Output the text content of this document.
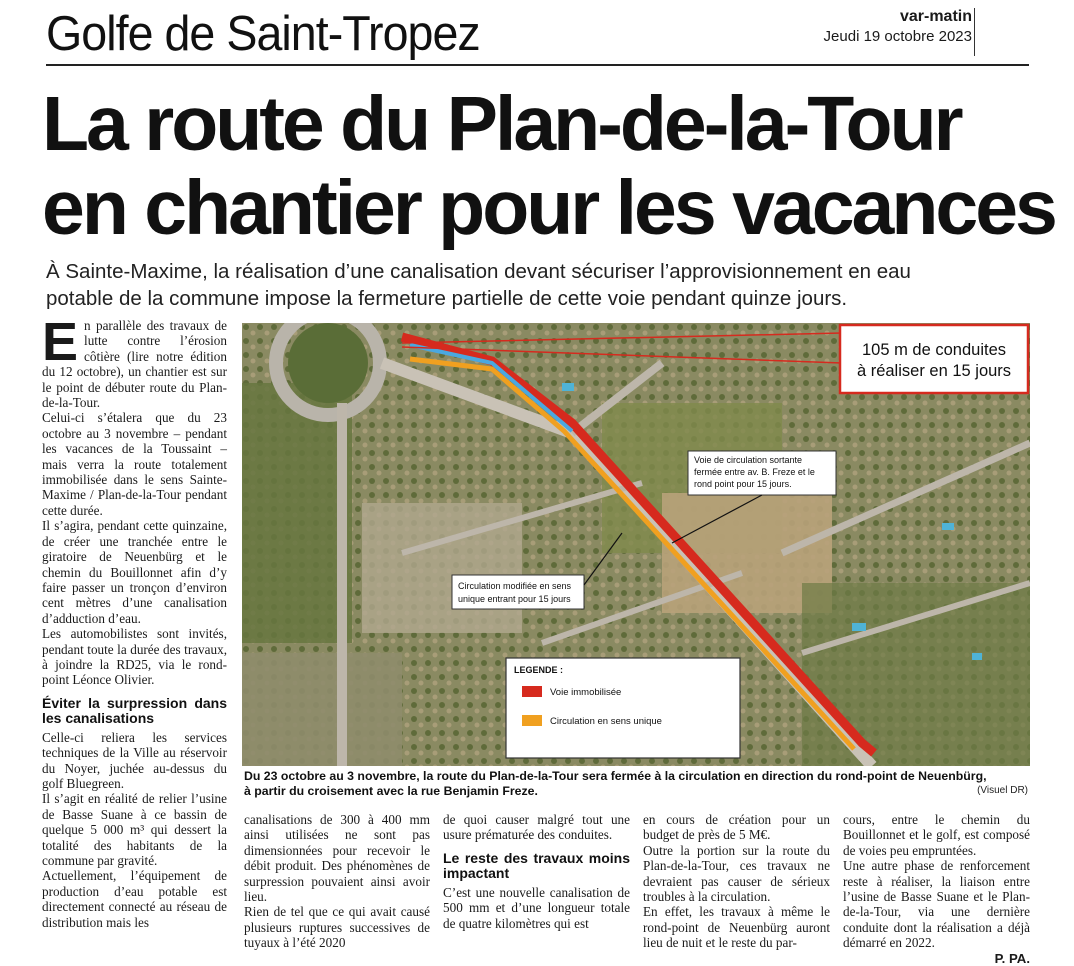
Golfe de Saint-Tropez	var-matin
Jeudi 19 octobre 2023
La route du Plan-de-la-Tour
en chantier pour les vacances
À Sainte-Maxime, la réalisation d’une canalisation devant sécuriser l’approvisionnement en eau
potable de la commune impose la fermeture partielle de cette voie pendant quinze jours.

En parallèle des travaux de lutte contre l’érosion côtière (lire notre édition du 12 octobre), un chantier est sur le point de débuter route du Plan-de-la-Tour.

Celui-ci s’étalera que du 23 octobre au 3 novembre – pendant les vacances de la Toussaint – mais verra la route totalement immobilisée dans le sens Sainte-Maxime / Plan-de-la-Tour pendant cette durée.

Il s’agira, pendant cette quinzaine, de créer une tranchée entre le giratoire de Neuenbürg et le chemin du Bouillonnet afin d’y faire passer un tronçon d’environ cent mètres d’une canalisation d’adduction d’eau.

Les automobilistes sont invités, pendant toute la durée des travaux, à joindre la RD25, via le rond-point Léonce Olivier.

Éviter la surpression dans les canalisations

Celle-ci reliera les services techniques de la Ville au réservoir du Noyer, juchée au-dessus du golf Bluegreen.

Il s’agit en réalité de relier l’usine de Basse Suane à ce bassin de quelque 5 000 m³ qui dessert la totalité des habitants de la commune par gravité.

Actuellement, l’équipement de production d’eau potable est directement connecté au réseau de distribution mais les

105 m de conduites
à réaliser en 15 jours
Voie de circulation sortante
fermée entre av. B. Freze et le
rond point pour 15 jours.
Circulation modifiée en sens
unique entrant pour 15 jours
LEGENDE :
Voie immobilisée
Circulation en sens unique
Du 23 octobre au 3 novembre, la route du Plan-de-la-Tour sera fermée à la circulation en direction du rond-point de Neuenbürg,
à partir du croisement avec la rue Benjamin Freze.	(Visuel DR)

canalisations de 300 à 400 mm ainsi utilisées ne sont pas dimensionnées pour recevoir le débit produit. Des phénomènes de surpression pouvaient ainsi avoir lieu.

Rien de tel que ce qui avait causé plusieurs ruptures successives de tuyaux à l’été 2020

de quoi causer malgré tout une usure prématurée des conduites.

Le reste des travaux moins impactant

C’est une nouvelle canalisation de 500 mm et d’une longueur totale de quatre kilomètres qui est

en cours de création pour un budget de près de 5 M€.

Outre la portion sur la route du Plan-de-la-Tour, ces travaux ne devraient pas causer de sérieux troubles à la circulation.

En effet, les travaux à même le rond-point de Neuenbürg auront lieu de nuit et le reste du par-

cours, entre le chemin du Bouillonnet et le golf, est composé de voies peu empruntées.

Une autre phase de renforcement reste à réaliser, la liaison entre l’usine de Basse Suane et le Plan-de-la-Tour, via une dernière conduite dont la réalisation a déjà démarré en 2022.

P. PA.
